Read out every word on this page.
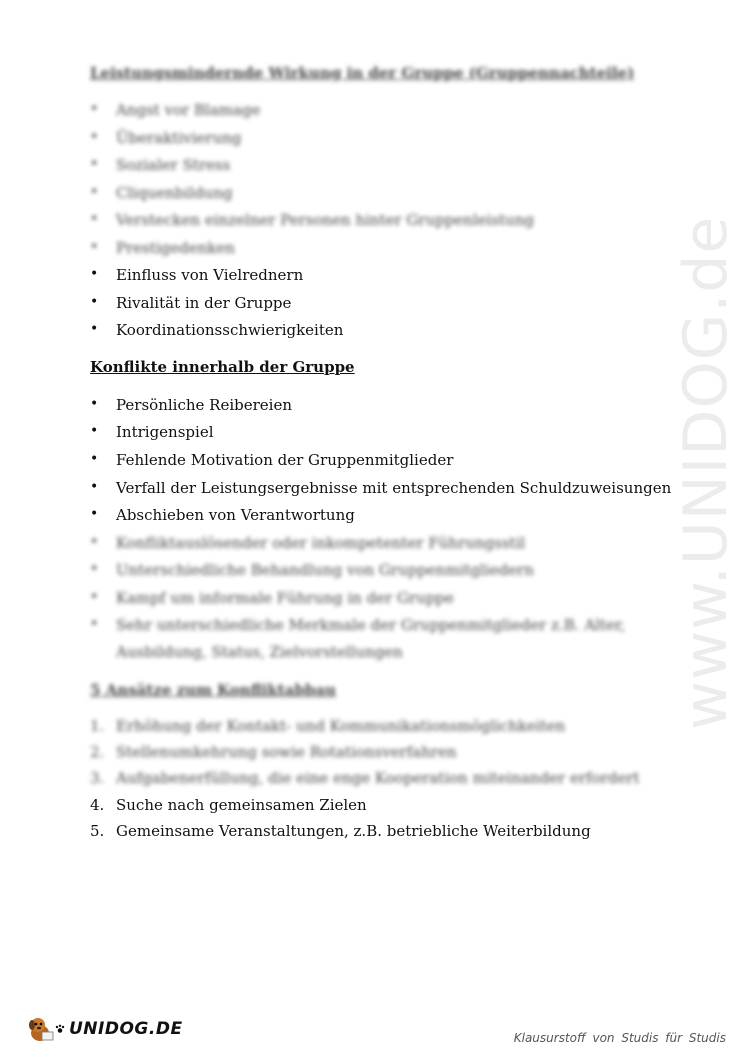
www.UNIDOG.de
Leistungsmindernde Wirkung in der Gruppe (Gruppennachteile)
• Angst vor Blamage
• Überaktivierung
• Sozialer Stress
• Cliquenbildung
• Verstecken einzelner Personen hinter Gruppenleistung
• Prestigedenken
• Einfluss von Vielrednern
• Rivalität in der Gruppe
• Koordinationsschwierigkeiten
Konflikte innerhalb der Gruppe
• Persönliche Reibereien
• Intrigenspiel
• Fehlende Motivation der Gruppenmitglieder
• Verfall der Leistungsergebnisse mit entsprechenden Schuldzuweisungen
• Abschieben von Verantwortung
• Konfliktauslösender oder inkompetenter Führungsstil
• Unterschiedliche Behandlung von Gruppenmitgliedern
• Kampf um informale Führung in der Gruppe
• Sehr unterschiedliche Merkmale der Gruppenmitglieder z.B. Alter,
Ausbildung, Status, Zielvorstellungen
5 Ansätze zum Konfliktabbau
1. Erhöhung der Kontakt- und Kommunikationsmöglichkeiten
2. Stellenumkehrung sowie Rotationsverfahren
3. Aufgabenerfüllung, die eine enge Kooperation miteinander erfordert
4. Suche nach gemeinsamen Zielen
5. Gemeinsame Veranstaltungen, z.B. betriebliche Weiterbildung
UNIDOG.DE	Klausurstoff von Studis für Studis
